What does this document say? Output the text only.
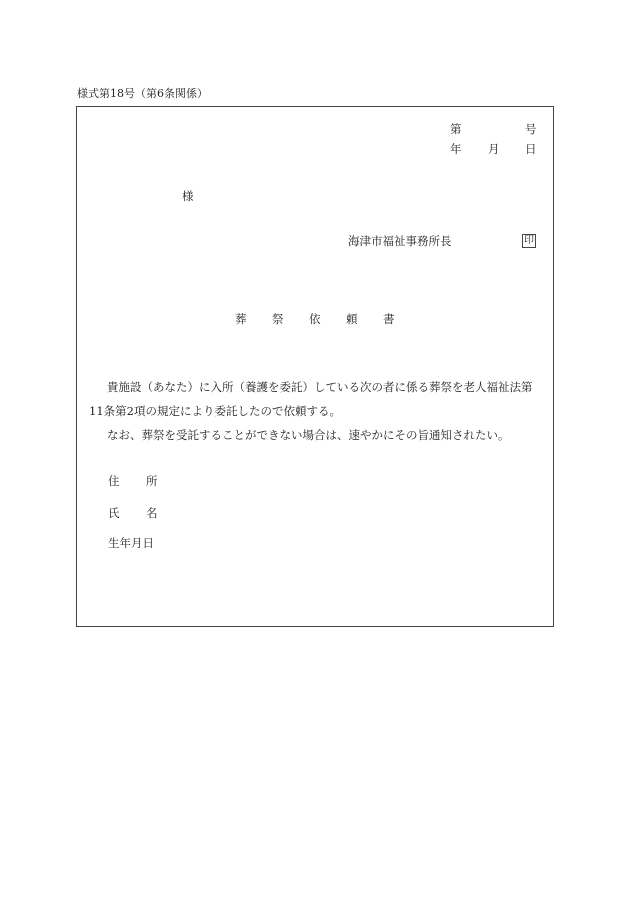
様式第18号（第6条関係）
第	号
年 月 日
様
海津市福祉事務所長	印
葬 祭 依 頼 書
貴施設（あなた）に入所（養護を委託）している次の者に係る葬祭を老人福祉法第
11条第2項の規定により委託したので依頼する。
なお、葬祭を受託することができない場合は、速やかにその旨通知されたい。
住 所
氏 名
生年月日
